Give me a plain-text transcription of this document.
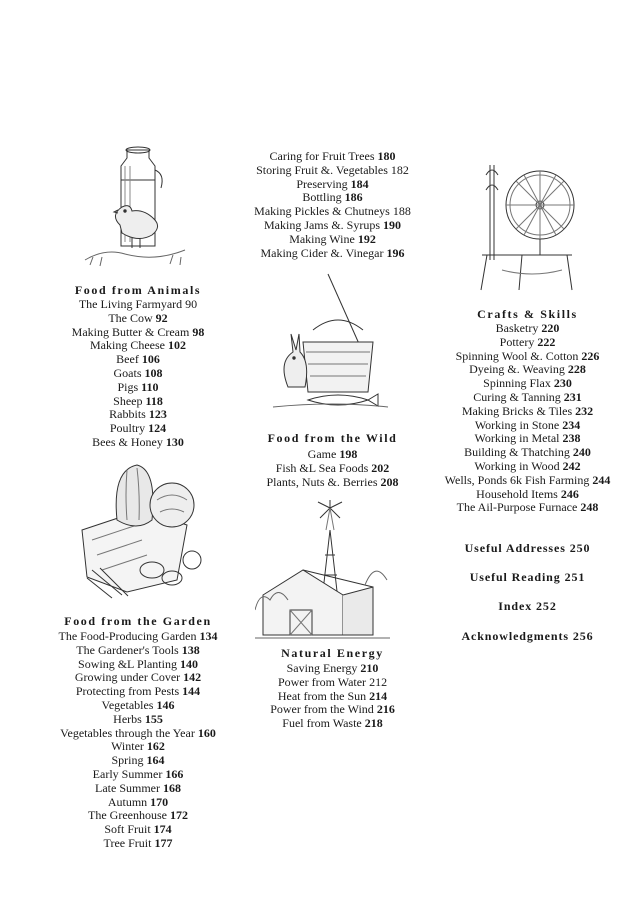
Food from Animals
The Living Farmyard 90
The Cow 92
Making Butter & Cream 98
Making Cheese 102
Beef 106
Goats 108
Pigs 110
Sheep 118
Rabbits 123
Poultry 124
Bees & Honey 130
Food from the Garden
The Food-Producing Garden 134
The Gardener's Tools 138
Sowing &L Planting 140
Growing under Cover 142
Protecting from Pests 144
Vegetables 146
Herbs 155
Vegetables through the Year 160
Winter 162
Spring 164
Early Summer 166
Late Summer 168
Autumn 170
The Greenhouse 172
Soft Fruit 174
Tree Fruit 177
Caring for Fruit Trees 180
Storing Fruit &. Vegetables 182
Preserving 184
Bottling 186
Making Pickles & Chutneys 188
Making Jams &. Syrups 190
Making Wine 192
Making Cider &. Vinegar 196
Food from the Wild
Game 198
Fish &L Sea Foods 202
Plants, Nuts &. Berries 208
Natural Energy
Saving Energy 210
Power from Water 212
Heat from the Sun 214
Power from the Wind 216
Fuel from Waste 218
Crafts & Skills
Basketry 220
Pottery 222
Spinning Wool &. Cotton 226
Dyeing &. Weaving 228
Spinning Flax 230
Curing & Tanning 231
Making Bricks & Tiles 232
Working in Stone 234
Working in Metal 238
Building & Thatching 240
Working in Wood 242
Wells, Ponds 6k Fish Farming 244
Household Items 246
The Ail-Purpose Furnace 248
Useful Addresses 250
Useful Reading 251
Index 252
Acknowledgments 256
